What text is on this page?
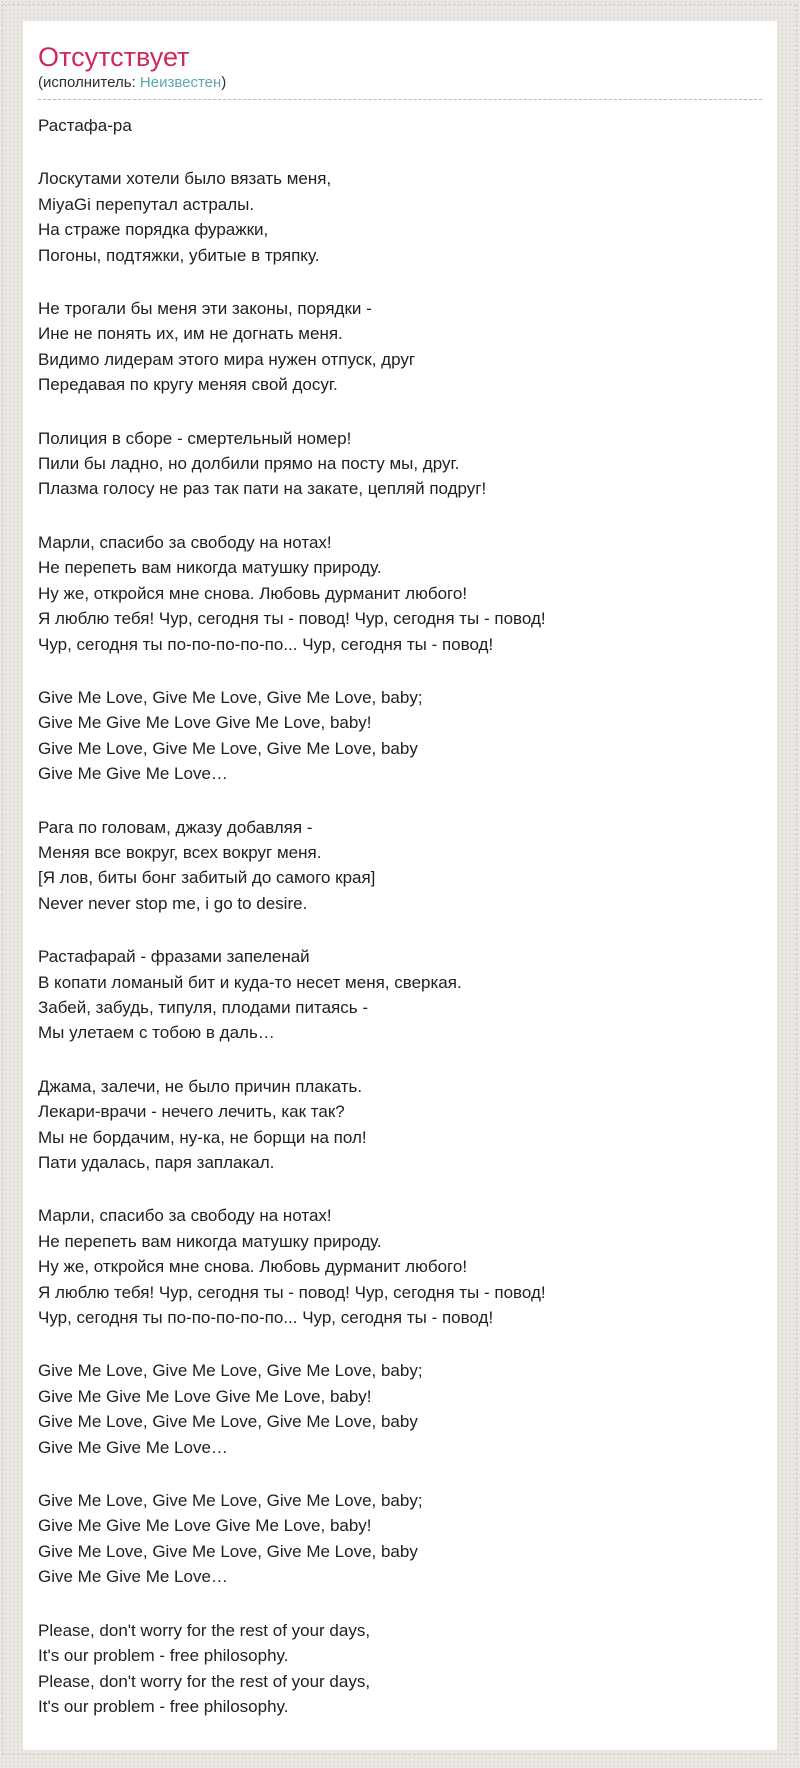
Отсутствует
(исполнитель: Неизвестен)
Растафа-ра
Лоскутами хотели было вязать меня,
MiyaGi перепутал астралы.
На страже порядка фуражки,
Погоны, подтяжки, убитые в тряпку.
Не трогали бы меня эти законы, порядки -
Ине не понять их, им не догнать меня.
Видимо лидерам этого мира нужен отпуск, друг
Передавая по кругу меняя свой досуг.
Полиция в сборе - смертельный номер!
Пили бы ладно, но долбили прямо на посту мы, друг.
Плазма голосу не раз так пати на закате, цепляй подруг!
Марли, спасибо за свободу на нотах!
Не перепеть вам никогда матушку природу.
Ну же, откройся мне снова. Любовь дурманит любого!
Я люблю тебя! Чур, сегодня ты - повод! Чур, сегодня ты - повод!
Чур, сегодня ты по-по-по-по-по... Чур, сегодня ты - повод!
Give Me Love, Give Me Love, Give Me Love, baby;
Give Me Give Me Love Give Me Love, baby!
Give Me Love, Give Me Love, Give Me Love, baby
Give Me Give Me Love…
Рага по головам, джазу добавляя -
Меняя все вокруг, всех вокруг меня.
[Я лов, биты бонг забитый до самого края]
Never never stop me, i go to desire.
Растафарай - фразами запеленай
В копати ломаный бит и куда-то несет меня, сверкая.
Забей, забудь, типуля, плодами питаясь -
Мы улетаем с тобою в даль…
Джама, залечи, не было причин плакать.
Лекари-врачи - нечего лечить, как так?
Мы не бордачим, ну-ка, не борщи на пол!
Пати удалась, паря заплакал.
Марли, спасибо за свободу на нотах!
Не перепеть вам никогда матушку природу.
Ну же, откройся мне снова. Любовь дурманит любого!
Я люблю тебя! Чур, сегодня ты - повод! Чур, сегодня ты - повод!
Чур, сегодня ты по-по-по-по-по... Чур, сегодня ты - повод!
Give Me Love, Give Me Love, Give Me Love, baby;
Give Me Give Me Love Give Me Love, baby!
Give Me Love, Give Me Love, Give Me Love, baby
Give Me Give Me Love…
Give Me Love, Give Me Love, Give Me Love, baby;
Give Me Give Me Love Give Me Love, baby!
Give Me Love, Give Me Love, Give Me Love, baby
Give Me Give Me Love…
Please, don't worry for the rest of your days,
It's our problem - free philosophy.
Please, don't worry for the rest of your days,
It's our problem - free philosophy.
